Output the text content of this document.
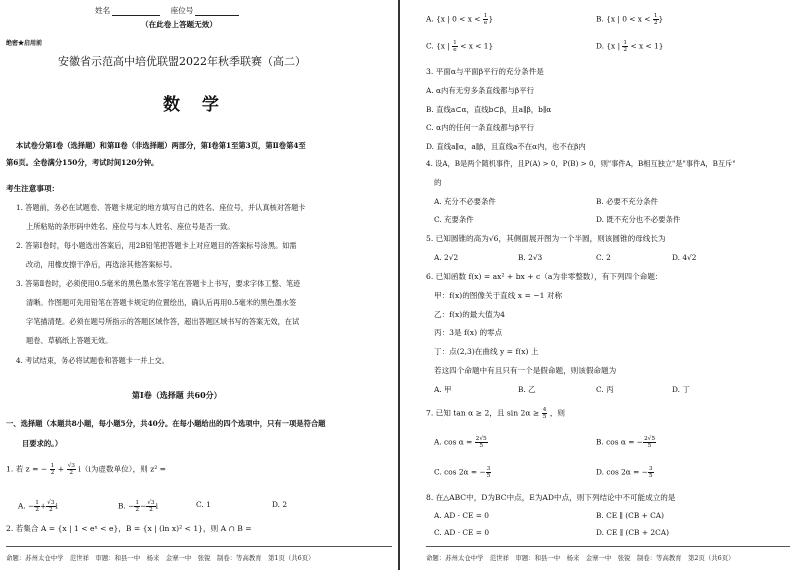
姓名	座位号
（在此卷上答题无效）
绝密★启用前
安徽省示范高中培优联盟2022年秋季联赛（高二）
数 学
本试卷分第Ⅰ卷（选择题）和第Ⅱ卷（非选择题）两部分，第Ⅰ卷第1至第3页，第Ⅱ卷第4至
第6页。全卷满分150分，考试时间120分钟。
考生注意事项：
1. 答题前，务必在试题卷、答题卡规定的地方填写自己的姓名、座位号，并认真核对答题卡
上所粘贴的条形码中姓名、座位号与本人姓名、座位号是否一致。
2. 答第Ⅰ卷时，每小题选出答案后，用2B铅笔把答题卡上对应题目的答案标号涂黑。如需
改动，用橡皮擦干净后，再选涂其他答案标号。
3. 答第Ⅱ卷时，必须使用0.5毫米的黑色墨水签字笔在答题卡上书写，要求字体工整、笔迹
清晰。作图题可先用铅笔在答题卡规定的位置绘出，确认后再用0.5毫米的黑色墨水签
字笔描清楚。必须在题号所指示的答题区域作答，超出答题区域书写的答案无效，在试
题卷、草稿纸上答题无效。
4. 考试结束，务必将试题卷和答题卡一并上交。
第Ⅰ卷（选择题 共60分）
一、选择题（本题共8小题，每小题5分，共40分。在每小题给出的四个选项中，只有一项是符合题
目要求的。）
1. 若 z = − $\frac{1}{2} + \frac{√3}{2} i(i$为虚数单位），则 z² =
A. − $\frac{1}{2} + \frac{√3}{2}$ i	B. − $\frac{1}{2} - \frac{√3}{2}$ i	C. 1	D. 2
2. 若集合 A = {x | 1 < eˣ < e}，B = {x | (ln x)² < 1}，则 A ∩ B =
命题：苏州太仓中学　范世祥　审题：和县一中　杨来　金寨一中　张锐　制卷：等高教育　第1页（共6页）
A. {x | $0 < x < \frac{1}{e}$ }	B. {x | $0 < x < \frac{1}{2}$ }
C. {x | $\frac{1}{e} < x < 1$}	D. {x | $\frac{1}{2} < x < 1$}
3. 平面α与平面β平行的充分条件是
A. α内有无穷多条直线都与β平行
B. 直线a⊂α，直线b⊂β，且a∥β，b∥α
C. α内的任何一条直线都与β平行
D. 直线a∥α，a∥β，且直线a不在α内，也不在β内
4. 设A，B是两个随机事件，且P(A) > 0，P(B) > 0，则"事件A，B相互独立"是"事件A，B互斥"
的
A. 充分不必要条件	B. 必要不充分条件
C. 充要条件	D. 既不充分也不必要条件
5. 已知圆锥的高为√6，其侧面展开图为一个半圆，则该圆锥的母线长为
A. 2√2	B. 2√3	C. 2	D. 4√2
6. 已知函数 f(x) = ax² + bx + c（a为非零整数），有下列四个命题：
甲：f(x)的图像关于直线 x = −1 对称
乙：f(x)的最大值为4
丙：3是 f(x) 的零点
丁：点(2,3)在曲线 y = f(x) 上
若这四个命题中有且只有一个是假命题，则该假命题为
A. 甲	B. 乙	C. 丙	D. 丁
7. 已知 tan α ≥ 2，且 $\sin 2\alpha \ge \frac{4}{5}$ ，则
A. $\cos \alpha = \frac{2√5}{5}$	B. cos α = − $\frac{2√5}{5}$
C. cos 2α = − $\frac{3}{5}$	D. cos 2α = − $\frac{3}{5}$
8. 在△ABC中，D为BC中点，E为AD中点，则下列结论中不可能成立的是
A. AD · CE = 0	B. CE ∥ (CB + CA)
C. AD · CE = 0	D. CE ∥ (CB + 2CA)
命题：苏州太仓中学　范世祥　审题：和县一中　杨来　金寨一中　张锐　制卷：等高教育　第2页（共6页）
